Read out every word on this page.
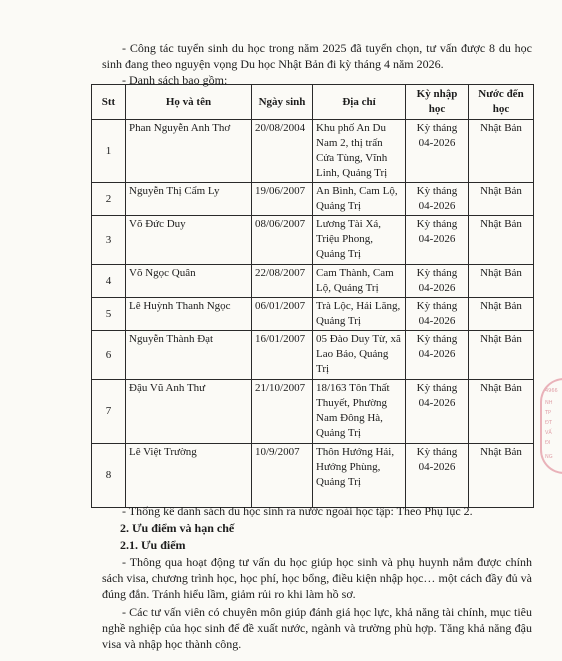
- Công tác tuyển sinh du học trong năm 2025 đã tuyển chọn, tư vấn được 8 du học sinh đang theo nguyện vọng Du học Nhật Bản đi kỳ tháng 4 năm 2026.

- Danh sách bao gồm:

Stt	Họ và tên	Ngày sinh	Địa chỉ	Kỳ nhập học	Nước đến học
1	Phan Nguyễn Anh Thơ	20/08/2004	Khu phố An Du Nam 2, thị trấn Cửa Tùng, Vĩnh Linh, Quảng Trị	Kỳ tháng 04-2026	Nhật Bản
2	Nguyễn Thị Cẩm Ly	19/06/2007	An Bình, Cam Lộ, Quảng Trị	Kỳ tháng 04-2026	Nhật Bản
3	Võ Đức Duy	08/06/2007	Lương Tài Xá, Triệu Phong, Quảng Trị	Kỳ tháng 04-2026	Nhật Bản
4	Võ Ngọc Quân	22/08/2007	Cam Thành, Cam Lộ, Quảng Trị	Kỳ tháng 04-2026	Nhật Bản
5	Lê Huỳnh Thanh Ngọc	06/01/2007	Trà Lộc, Hải Lăng, Quảng Trị	Kỳ tháng 04-2026	Nhật Bản
6	Nguyễn Thành Đạt	16/01/2007	05 Đào Duy Từ, xã Lao Bảo, Quảng Trị	Kỳ tháng 04-2026	Nhật Bản
7	Đậu Vũ Anh Thư	21/10/2007	18/163 Tôn Thất Thuyết, Phường Nam Đông Hà, Quảng Trị	Kỳ tháng 04-2026	Nhật Bản
8	Lê Việt Trường	10/9/2007	Thôn Hướng Hải, Hướng Phùng, Quảng Trị	Kỳ tháng 04-2026	Nhật Bản

- Thống kê danh sách du học sinh ra nước ngoài học tập: Theo Phụ lục 2.

2. Ưu điểm và hạn chế

2.1. Ưu điểm

- Thông qua hoạt động tư vấn du học giúp học sinh và phụ huynh nắm được chính sách visa, chương trình học, học phí, học bổng, điều kiện nhập học… một cách đầy đủ và đúng đắn. Tránh hiểu lầm, giảm rủi ro khi làm hồ sơ.

- Các tư vấn viên có chuyên môn giúp đánh giá học lực, khả năng tài chính, mục tiêu nghề nghiệp của học sinh để đề xuất nước, ngành và trường phù hợp. Tăng khả năng đậu visa và nhập học thành công.

4966
NH
TP
ĐT
VẤ
ĐI
NG
